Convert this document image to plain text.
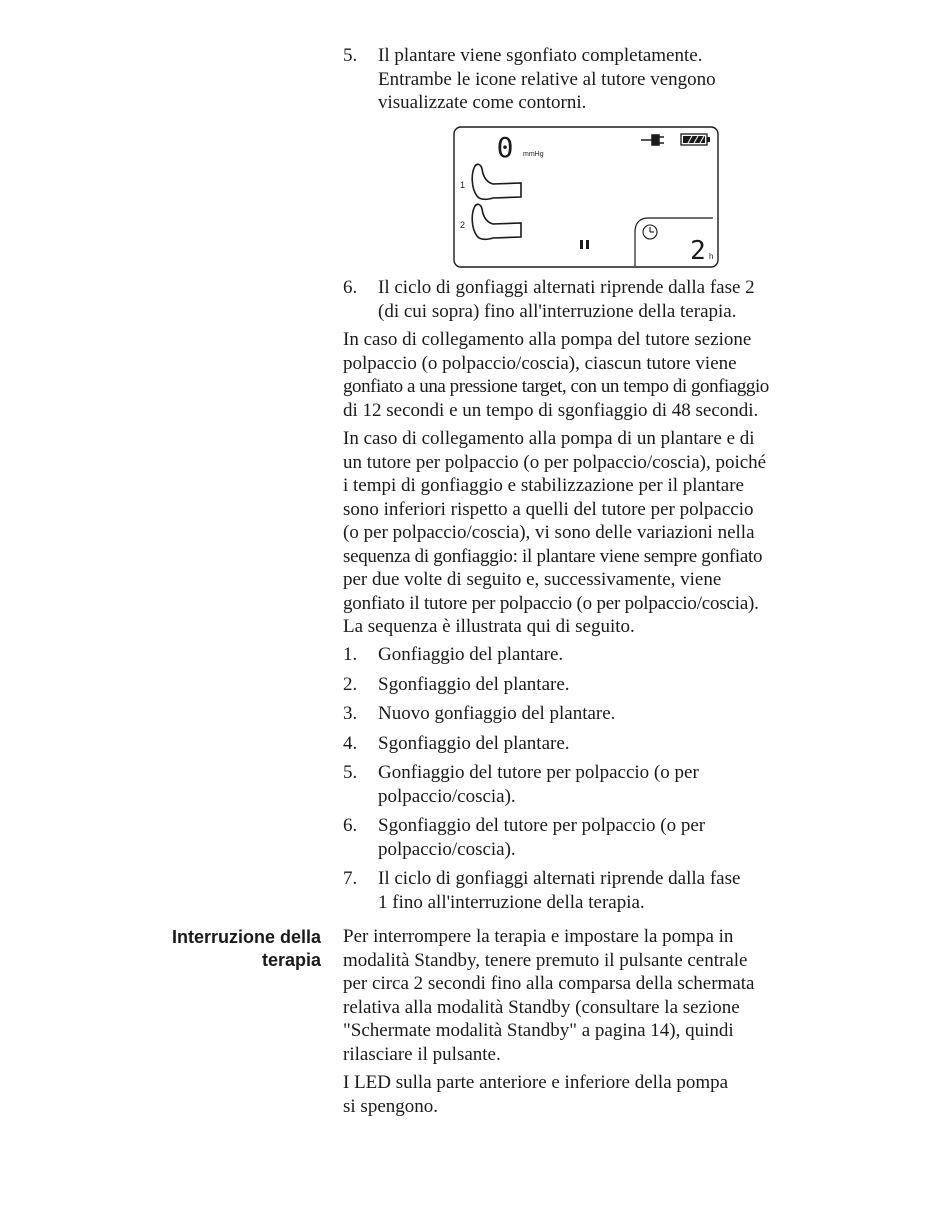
5. Il plantare viene sgonfiato completamente.

Entrambe le icone relative al tutore vengono

visualizzate come contorni.

0 mmHg
1
2
2 h
6. Il ciclo di gonfiaggi alternati riprende dalla fase 2

(di cui sopra) fino all'interruzione della terapia.

In caso di collegamento alla pompa del tutore sezione

polpaccio (o polpaccio/coscia), ciascun tutore viene

gonfiato a una pressione target, con un tempo di gonfiaggio

di 12 secondi e un tempo di sgonfiaggio di 48 secondi.

In caso di collegamento alla pompa di un plantare e di

un tutore per polpaccio (o per polpaccio/coscia), poiché

i tempi di gonfiaggio e stabilizzazione per il plantare

sono inferiori rispetto a quelli del tutore per polpaccio

(o per polpaccio/coscia), vi sono delle variazioni nella

sequenza di gonfiaggio: il plantare viene sempre gonfiato

per due volte di seguito e, successivamente, viene

gonfiato il tutore per polpaccio (o per polpaccio/coscia).

La sequenza è illustrata qui di seguito.

1. Gonfiaggio del plantare.

2. Sgonfiaggio del plantare.

3. Nuovo gonfiaggio del plantare.

4. Sgonfiaggio del plantare.

5. Gonfiaggio del tutore per polpaccio (o per

polpaccio/coscia).

6. Sgonfiaggio del tutore per polpaccio (o per

polpaccio/coscia).

7. Il ciclo di gonfiaggi alternati riprende dalla fase

1 fino all'interruzione della terapia.

Interruzione della

terapia

Per interrompere la terapia e impostare la pompa in

modalità Standby, tenere premuto il pulsante centrale

per circa 2 secondi fino alla comparsa della schermata

relativa alla modalità Standby (consultare la sezione

"Schermate modalità Standby" a pagina 14), quindi

rilasciare il pulsante.

I LED sulla parte anteriore e inferiore della pompa

si spengono.
